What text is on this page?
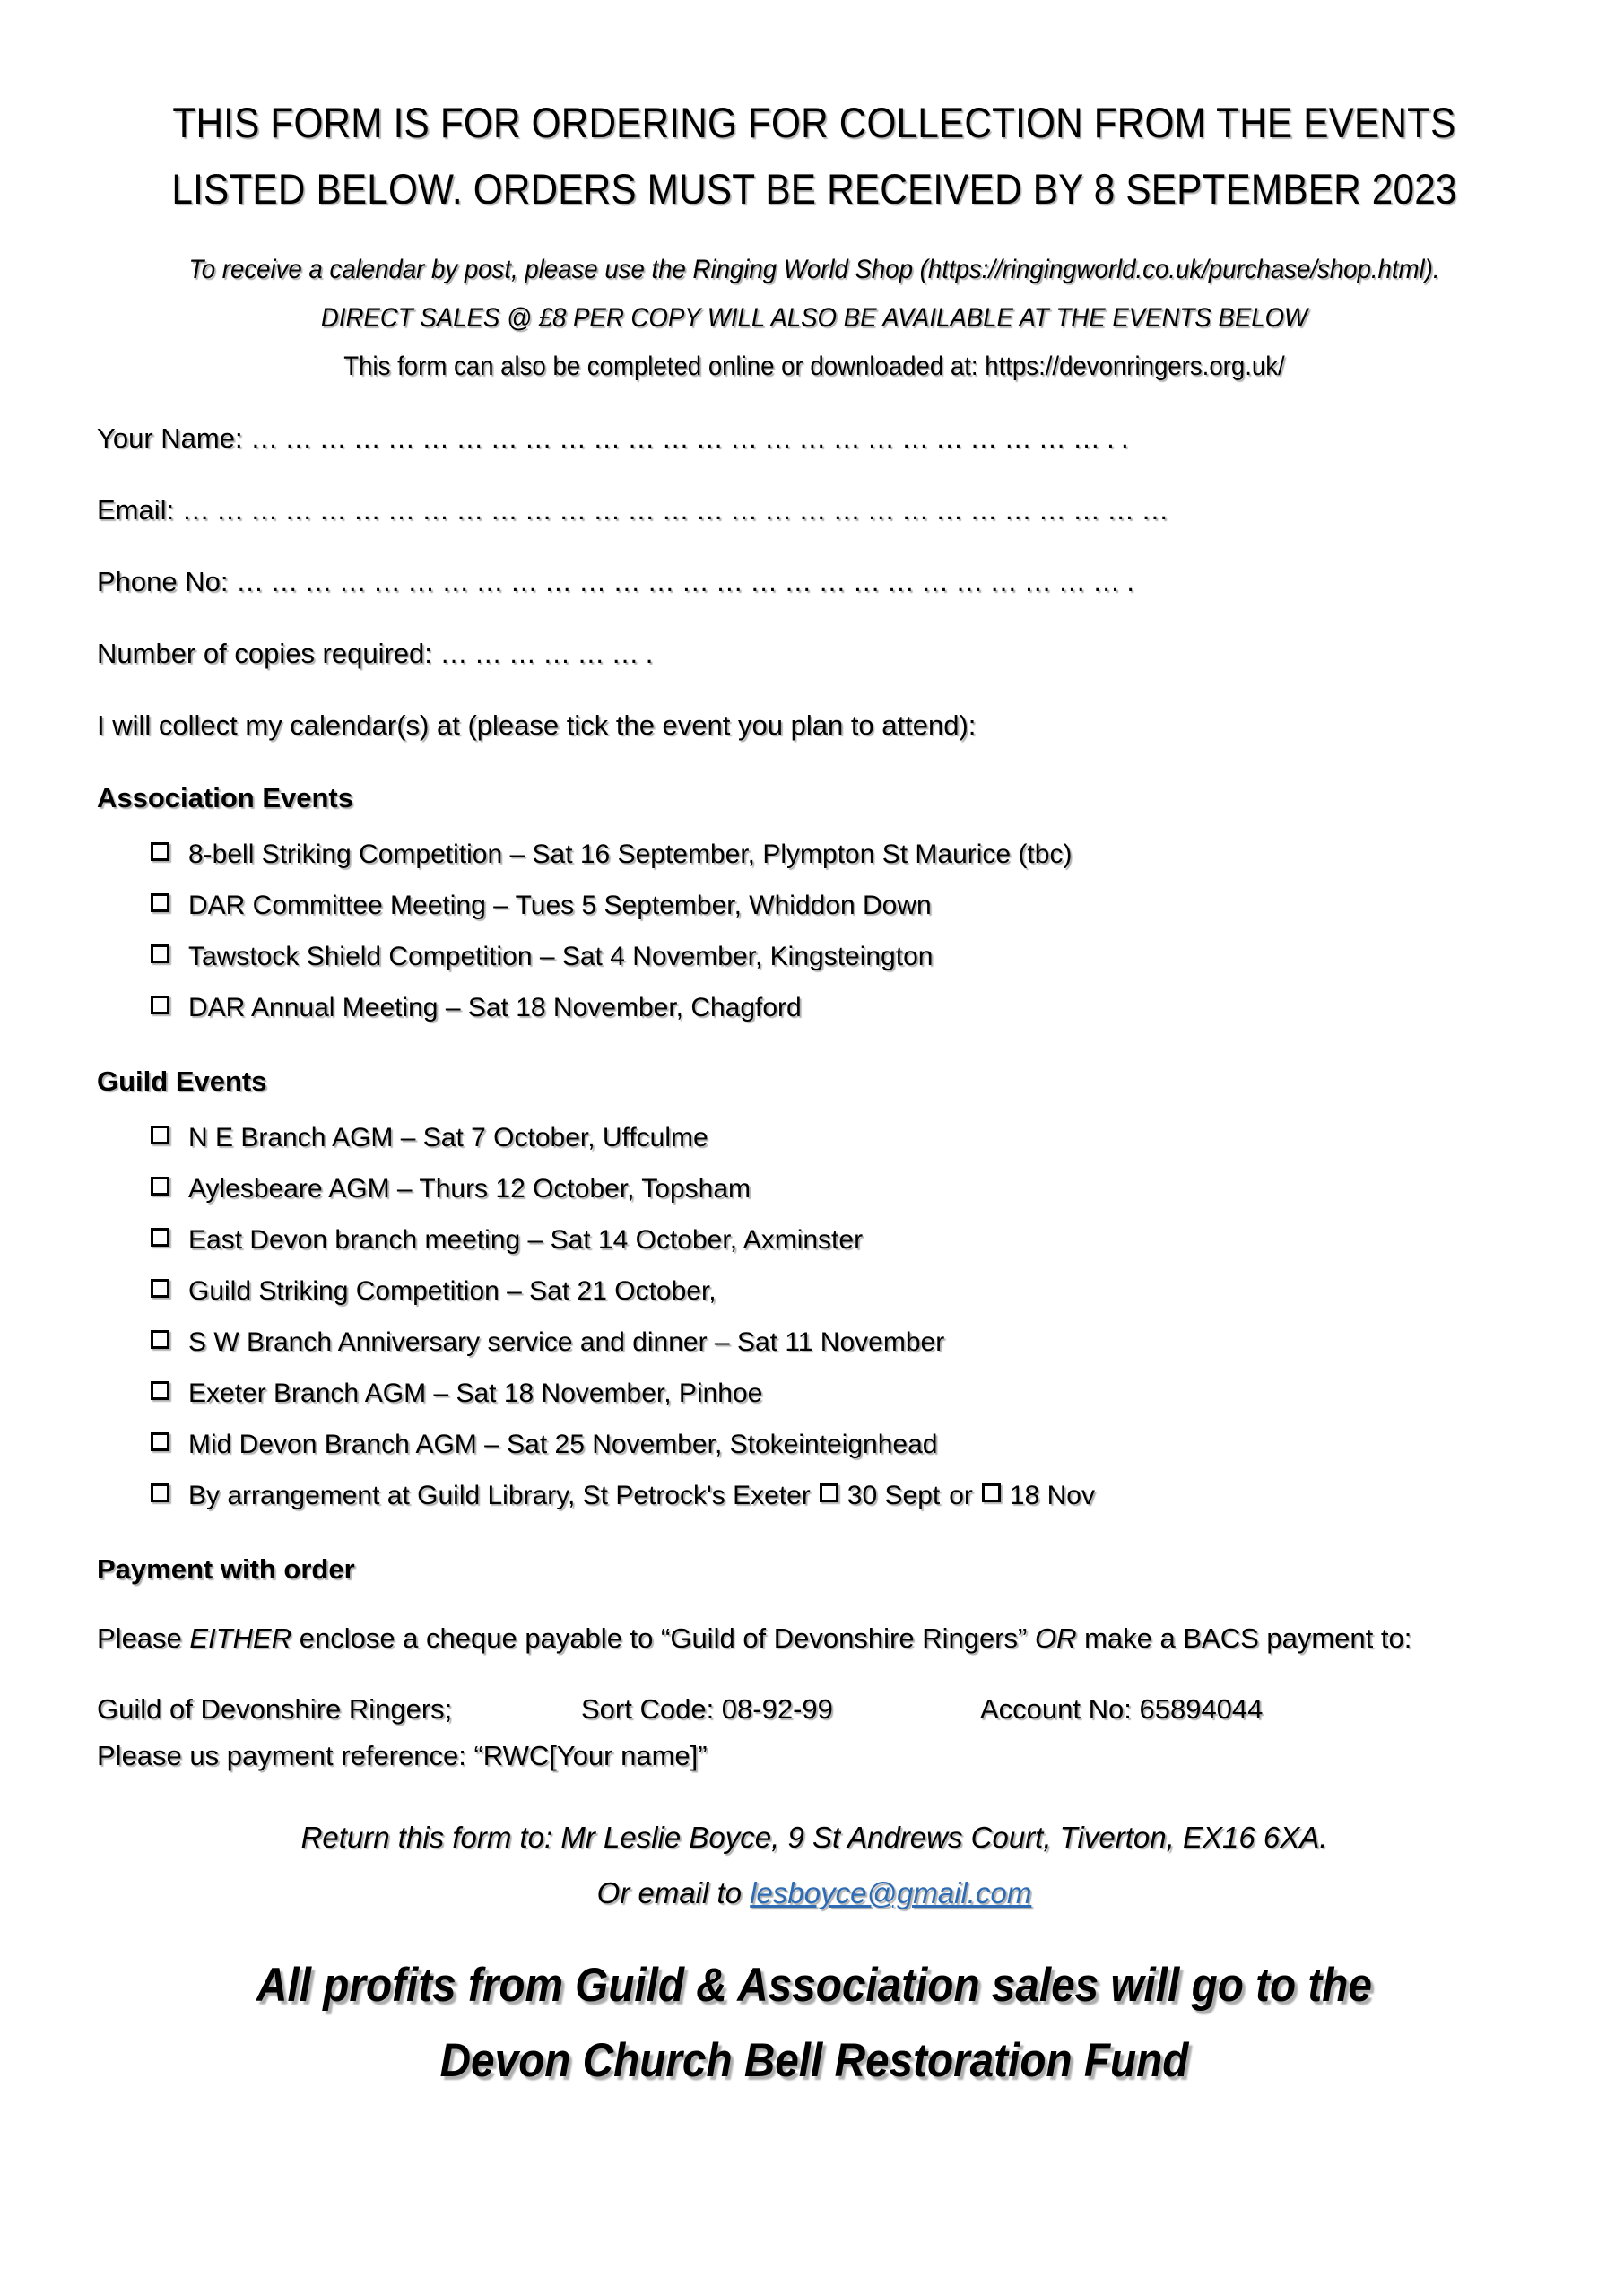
THIS FORM IS FOR ORDERING FOR COLLECTION FROM THE EVENTS
LISTED BELOW. ORDERS MUST BE RECEIVED BY 8 SEPTEMBER 2023
To receive a calendar by post, please use the Ringing World Shop (https://ringingworld.co.uk/purchase/shop.html).
DIRECT SALES @ £8 PER COPY WILL ALSO BE AVAILABLE AT THE EVENTS BELOW
This form can also be completed online or downloaded at: https://devonringers.org.uk/
Your Name: …………………………………………………………………..
Email: ……………………………………………………………………………
Phone No: …………………………………………………………………….
Number of copies required: ……………….
I will collect my calendar(s) at (please tick the event you plan to attend):
Association Events
8-bell Striking Competition – Sat 16 September, Plympton St Maurice (tbc)
DAR Committee Meeting – Tues 5 September, Whiddon Down
Tawstock Shield Competition – Sat 4 November, Kingsteington
DAR Annual Meeting – Sat 18 November, Chagford
Guild Events
N E Branch AGM – Sat 7 October, Uffculme
Aylesbeare AGM – Thurs 12 October, Topsham
East Devon branch meeting – Sat 14 October, Axminster
Guild Striking Competition – Sat 21 October,
S W Branch Anniversary service and dinner – Sat 11 November
Exeter Branch AGM – Sat 18 November, Pinhoe
Mid Devon Branch AGM – Sat 25 November, Stokeinteignhead
By arrangement at Guild Library, St Petrock's Exeter 30 Sept or 18 Nov
Payment with order
Please EITHER enclose a cheque payable to “Guild of Devonshire Ringers” OR make a BACS payment to:
Guild of Devonshire Ringers;	Sort Code: 08-92-99	Account No: 65894044
Please us payment reference: “RWC[Your name]”
Return this form to: Mr Leslie Boyce, 9 St Andrews Court, Tiverton, EX16 6XA.
Or email to lesboyce@gmail.com
All profits from Guild & Association sales will go to the
Devon Church Bell Restoration Fund
